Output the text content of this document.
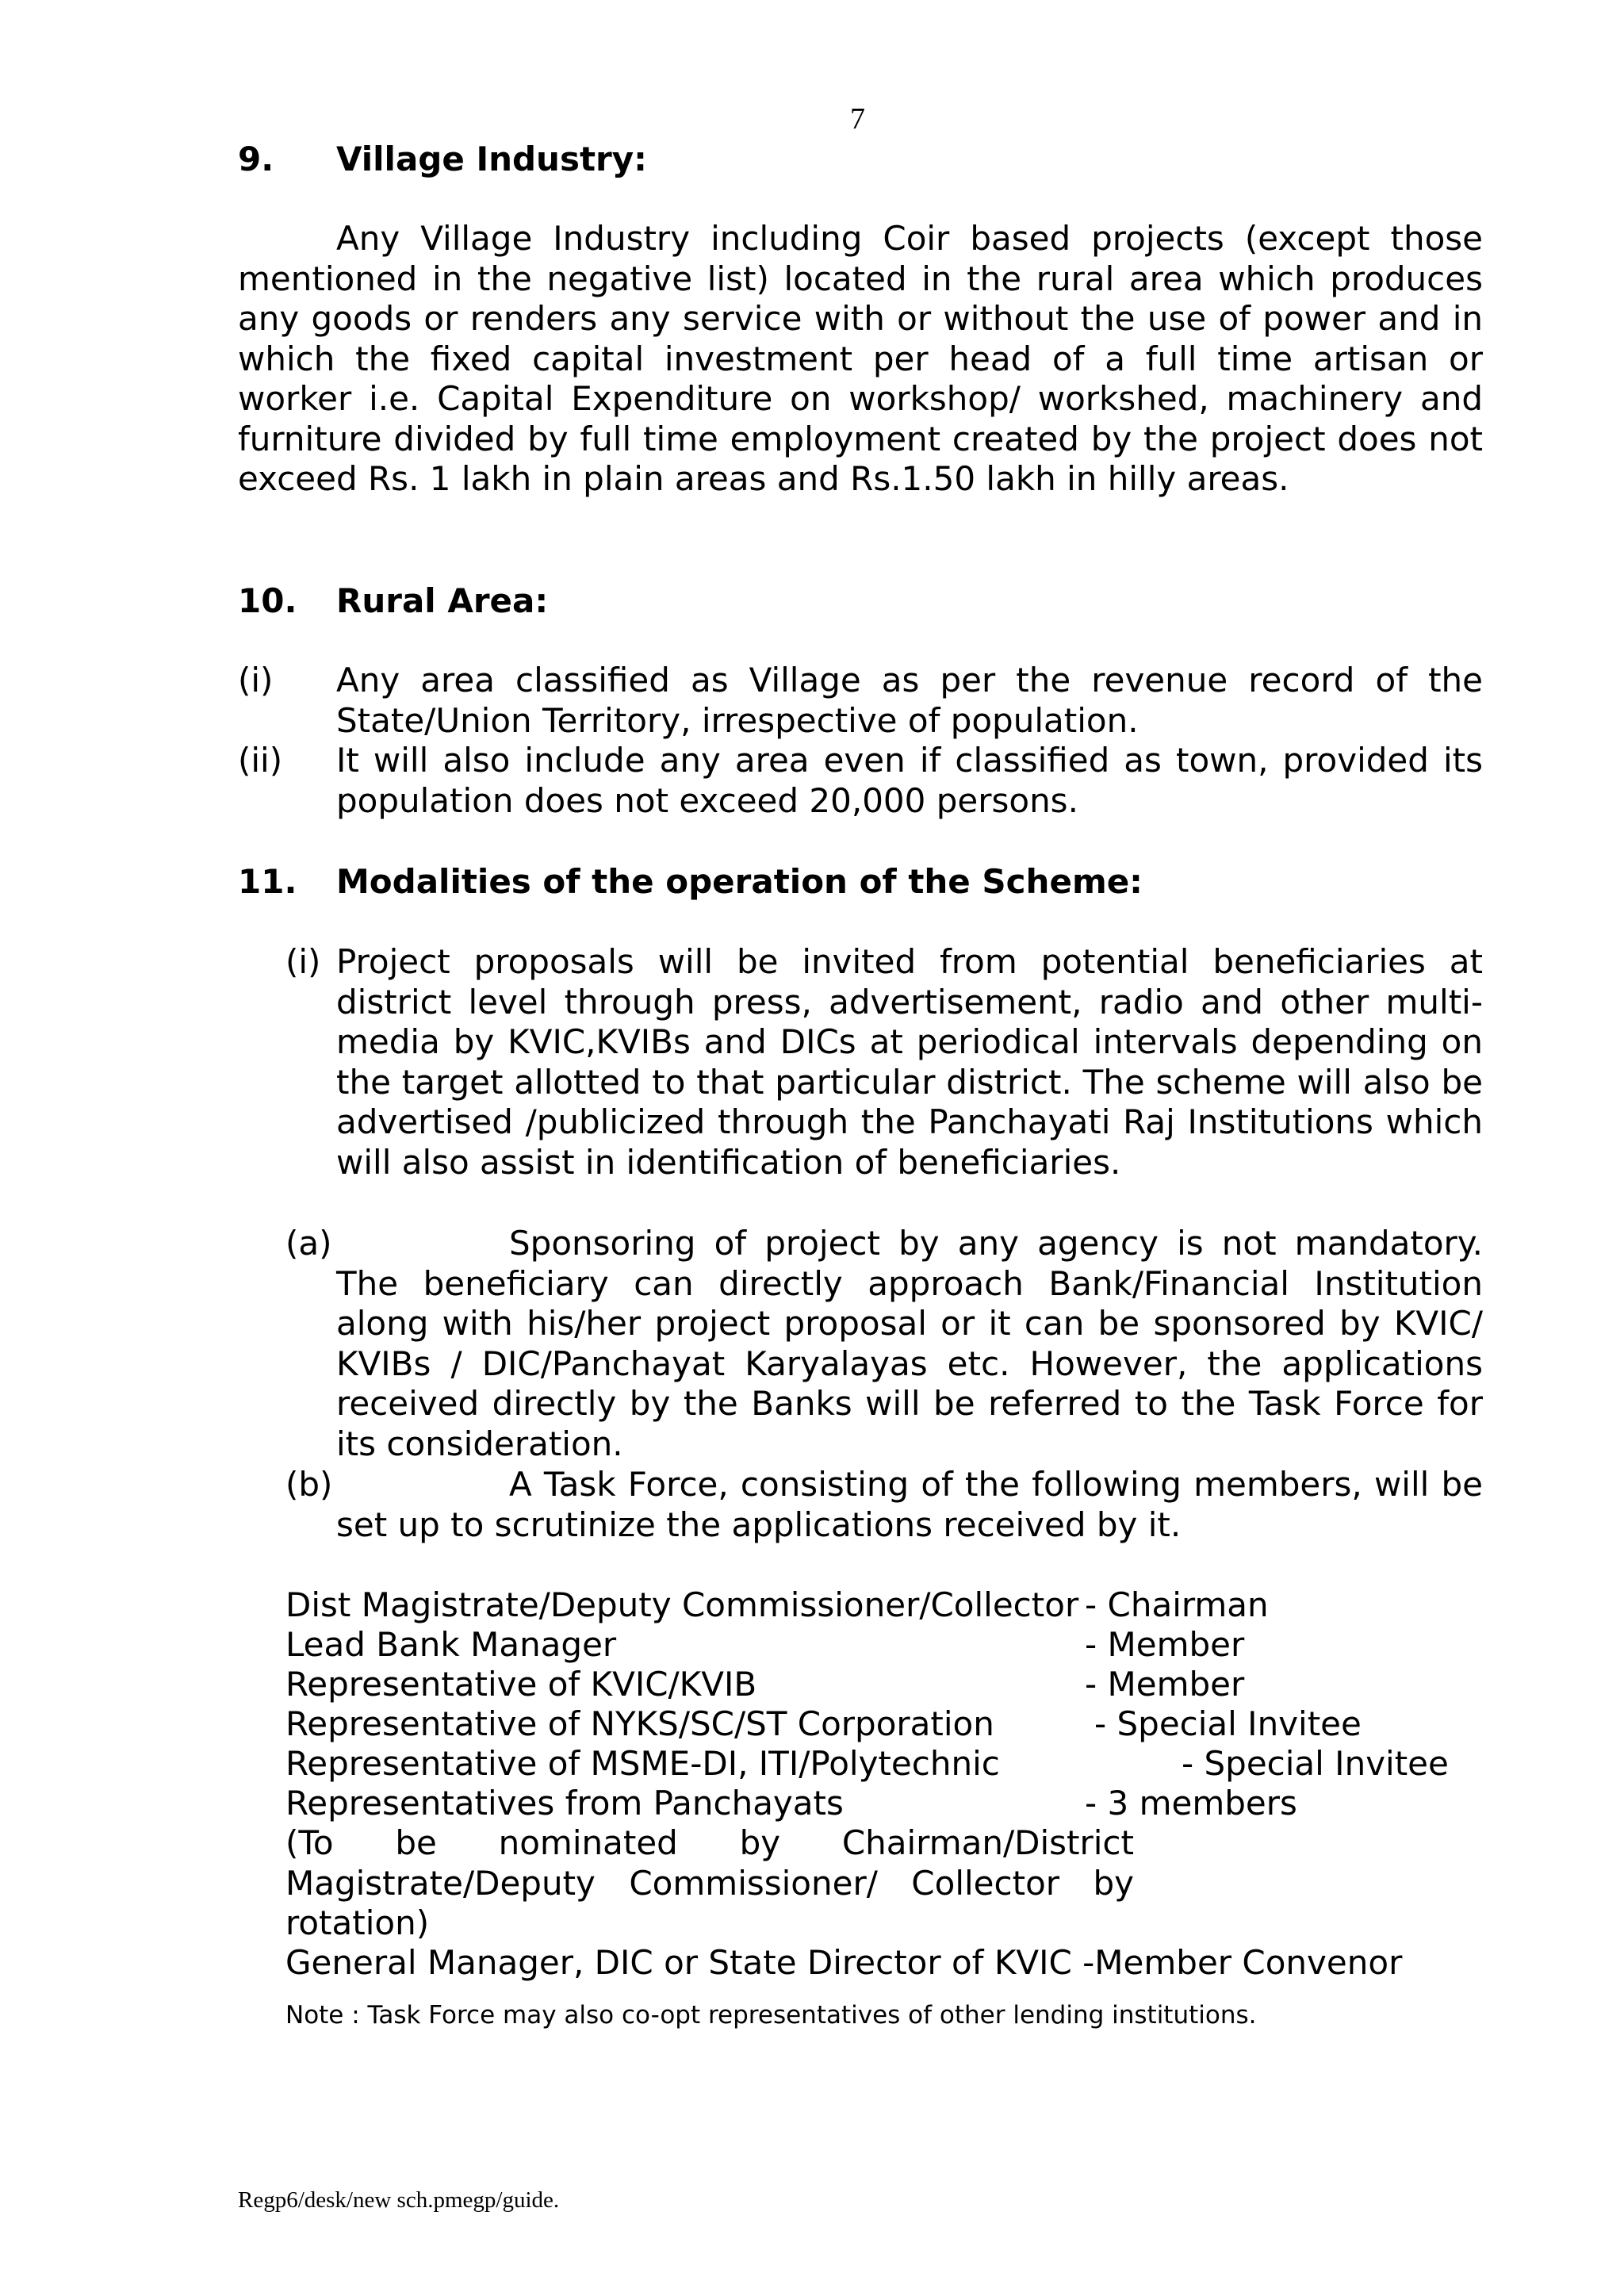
7
9. Village Industry:
Any Village Industry including Coir based projects (except those mentioned in the negative list) located in the rural area which produces any goods or renders any service with or without the use of power and in which the fixed capital investment per head of a full time artisan or worker i.e. Capital Expenditure on workshop/ workshed, machinery and furniture divided by full time employment created by the project does not exceed Rs. 1 lakh in plain areas and Rs.1.50 lakh in hilly areas.
10. Rural Area:
(i) Any area classified as Village as per the revenue record of the State/Union Territory, irrespective of population.
(ii) It will also include any area even if classified as town, provided its population does not exceed 20,000 persons.
11. Modalities of the operation of the Scheme:
(i) Project proposals will be invited from potential beneficiaries at district level through press, advertisement, radio and other multi-media by KVIC,KVIBs and DICs at periodical intervals depending on the target allotted to that particular district. The scheme will also be advertised /publicized through the Panchayati Raj Institutions which will also assist in identification of beneficiaries.
(a)	Sponsoring of project by any agency is not mandatory. The beneficiary can directly approach Bank/Financial Institution along with his/her project proposal or it can be sponsored by KVIC/ KVIBs / DIC/Panchayat Karyalayas etc. However, the applications received directly by the Banks will be referred to the Task Force for its consideration.
(b)	A Task Force, consisting of the following members, will be set up to scrutinize the applications received by it.
Dist Magistrate/Deputy Commissioner/Collector - Chairman
Lead Bank Manager	- Member
Representative of KVIC/KVIB	- Member
Representative of NYKS/SC/ST Corporation	- Special Invitee
Representative of MSME-DI, ITI/Polytechnic	- Special Invitee
Representatives from Panchayats	- 3 members
(To be nominated by Chairman/District Magistrate/Deputy Commissioner/ Collector by rotation)
General Manager, DIC or State Director of KVIC -Member Convenor
Note : Task Force may also co-opt representatives of other lending institutions.
Regp6/desk/new sch.pmegp/guide.
